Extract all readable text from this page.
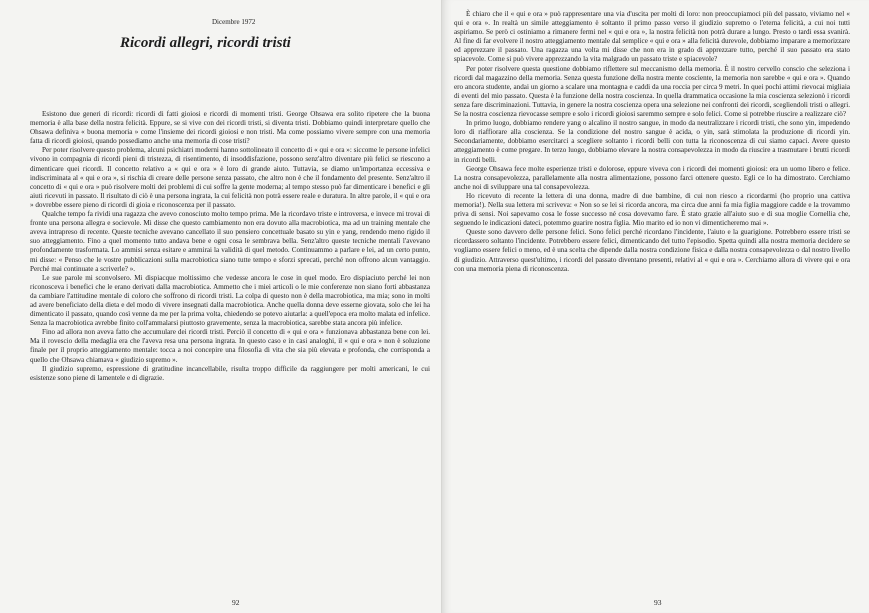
Dicembre 1972
Ricordi allegri, ricordi tristi

Esistono due generi di ricordi: ricordi di fatti gioiosi e ricordi di momenti tristi. George Ohsawa era solito ripetere che la buona memoria è alla base della nostra felicità. Eppure, se si vive con dei ricordi tristi, si diventa tristi. Dobbiamo quindi interpretare quello che Ohsawa definiva « buona memoria » come l'insieme dei ricordi gioiosi e non tristi. Ma come possiamo vivere sempre con una memoria fatta di ricordi gioiosi, quando possediamo anche una memoria di cose tristi?

Per poter risolvere questo problema, alcuni psichiatri moderni hanno sottolineato il concetto di « qui e ora »: siccome le persone infelici vivono in compagnia di ricordi pieni di tristezza, di risentimento, di insoddisfazione, possono senz'altro diventare più felici se riescono a dimenticare quei ricordi. Il concetto relativo a « qui e ora » è loro di grande aiuto. Tuttavia, se diamo un'importanza eccessiva e indiscriminata al « qui e ora », si rischia di creare delle persone senza passato, che altro non è che il fondamento del presente. Senz'altro il concetto di « qui e ora » può risolvere molti dei problemi di cui soffre la gente moderna; al tempo stesso può far dimenticare i benefici e gli aiuti ricevuti in passato. Il risultato di ciò è una persona ingrata, la cui felicità non potrà essere reale e duratura. In altre parole, il « qui e ora » dovrebbe essere pieno di ricordi di gioia e riconoscenza per il passato.

Qualche tempo fa rividi una ragazza che avevo conosciuto molto tempo prima. Me la ricordavo triste e introversa, e invece mi trovai di fronte una persona allegra e socievole. Mi disse che questo cambiamento non era dovuto alla macrobiotica, ma ad un training mentale che aveva intrapreso di recente. Queste tecniche avevano cancellato il suo pensiero concettuale basato su yin e yang, rendendo meno rigido il suo atteggiamento. Fino a quel momento tutto andava bene e ogni cosa le sembrava bella. Senz'altro queste tecniche mentali l'avevano profondamente trasformata. Lo ammisi senza esitare e ammirai la validità di quel metodo. Continuammo a parlare e lei, ad un certo punto, mi disse: « Penso che le vostre pubblicazioni sulla macrobiotica siano tutte tempo e sforzi sprecati, perché non offrono alcun vantaggio. Perché mai continuate a scriverle? ».

Le sue parole mi sconvolsero. Mi dispiacque moltissimo che vedesse ancora le cose in quel modo. Ero dispiaciuto perché lei non riconosceva i benefici che le erano derivati dalla macrobiotica. Ammetto che i miei articoli o le mie conferenze non siano forti abbastanza da cambiare l'attitudine mentale di coloro che soffrono di ricordi tristi. La colpa di questo non è della macrobiotica, ma mia; sono in molti ad avere beneficiato della dieta e del modo di vivere insegnati dalla macrobiotica. Anche quella donna deve esserne giovata, solo che lei ha dimenticato il passato, quando così venne da me per la prima volta, chiedendo se potevo aiutarla: a quell'epoca era molto malata ed infelice. Senza la macrobiotica avrebbe finito coll'ammalarsi piuttosto gravemente, senza la macrobiotica, sarebbe stata ancora più infelice.

Fino ad allora non aveva fatto che accumulare dei ricordi tristi. Perciò il concetto di « qui e ora » funzionava abbastanza bene con lei. Ma il rovescio della medaglia era che l'aveva resa una persona ingrata. In questo caso e in casi analoghi, il « qui e ora » non è soluzione finale per il proprio atteggiamento mentale: tocca a noi concepire una filosofia di vita che sia più elevata e profonda, che corrisponda a quello che Ohsawa chiamava « giudizio supremo ».

Il giudizio supremo, espressione di gratitudine incancellabile, risulta troppo difficile da raggiungere per molti americani, le cui esistenze sono piene di lamentele e di digrazie.

92

È chiaro che il « qui e ora » può rappresentare una via d'uscita per molti di loro: non preoccupiamoci più del passato, viviamo nel « qui e ora ». In realtà un simile atteggiamento è soltanto il primo passo verso il giudizio supremo o l'eterna felicità, a cui noi tutti aspiriamo. Se però ci ostiniamo a rimanere fermi nel « qui e ora », la nostra felicità non potrà durare a lungo. Presto o tardi essa svanirà. Al fine di far evolvere il nostro atteggiamento mentale dal semplice « qui e ora » alla felicità durevole, dobbiamo imparare a memorizzare ed apprezzare il passato. Una ragazza una volta mi disse che non era in grado di apprezzare tutto, perché il suo passato era stato spiacevole. Come si può vivere apprezzando la vita malgrado un passato triste e spiacevole?

Per poter risolvere questa questione dobbiamo riflettere sul meccanismo della memoria. È il nostro cervello conscio che seleziona i ricordi dal magazzino della memoria. Senza questa funzione della nostra mente cosciente, la memoria non sarebbe « qui e ora ». Quando ero ancora studente, andai un giorno a scalare una montagna e caddi da una roccia per circa 9 metri. In quei pochi attimi rievocai migliaia di eventi del mio passato. Questa è la funzione della nostra coscienza. In quella drammatica occasione la mia coscienza selezionò i ricordi senza fare discriminazioni. Tuttavia, in genere la nostra coscienza opera una selezione nei confronti dei ricordi, scegliendoli tristi o allegri. Se la nostra coscienza rievocasse sempre e solo i ricordi gioiosi saremmo sempre e solo felici. Come si potrebbe riuscire a realizzare ciò?

In primo luogo, dobbiamo rendere yang o alcalino il nostro sangue, in modo da neutralizzare i ricordi tristi, che sono yin, impedendo loro di riaffiorare alla coscienza. Se la condizione del nostro sangue è acida, o yin, sarà stimolata la produzione di ricordi yin. Secondariamente, dobbiamo esercitarci a scegliere soltanto i ricordi belli con tutta la riconoscenza di cui siamo capaci. Avere questo atteggiamento è come pregare. In terzo luogo, dobbiamo elevare la nostra consapevolezza in modo da riuscire a trasmutare i brutti ricordi in ricordi belli.

George Ohsawa fece molte esperienze tristi e dolorose, eppure viveva con i ricordi dei momenti gioiosi: era un uomo libero e felice. La nostra consapevolezza, parallelamente alla nostra alimentazione, possono farci ottenere questo. Egli ce lo ha dimostrato. Cerchiamo anche noi di sviluppare una tal consapevolezza.

Ho ricevuto di recente la lettera di una donna, madre di due bambine, di cui non riesco a ricordarmi (ho proprio una cattiva memoria!). Nella sua lettera mi scriveva: « Non so se lei si ricorda ancora, ma circa due anni fa mia figlia maggiore cadde e la trovammo priva di sensi. Noi sapevamo cosa le fosse successo né cosa dovevamo fare. È stato grazie all'aiuto suo e di sua moglie Cornellia che, seguendo le indicazioni dateci, potemmo guarire nostra figlia. Mio marito ed io non vi dimenticheremo mai ».

Queste sono davvero delle persone felici. Sono felici perché ricordano l'incidente, l'aiuto e la guarigione. Potrebbero essere tristi se ricordassero soltanto l'incidente. Potrebbero essere felici, dimenticando del tutto l'episodio. Spetta quindi alla nostra memoria decidere se vogliamo essere felici o meno, ed è una scelta che dipende dalla nostra condizione fisica e dalla nostra consapevolezza o dal nostro livello di giudizio. Attraverso quest'ultimo, i ricordi del passato diventano presenti, relativi al « qui e ora ». Cerchiamo allora di vivere qui e ora con una memoria piena di riconoscenza.

93
